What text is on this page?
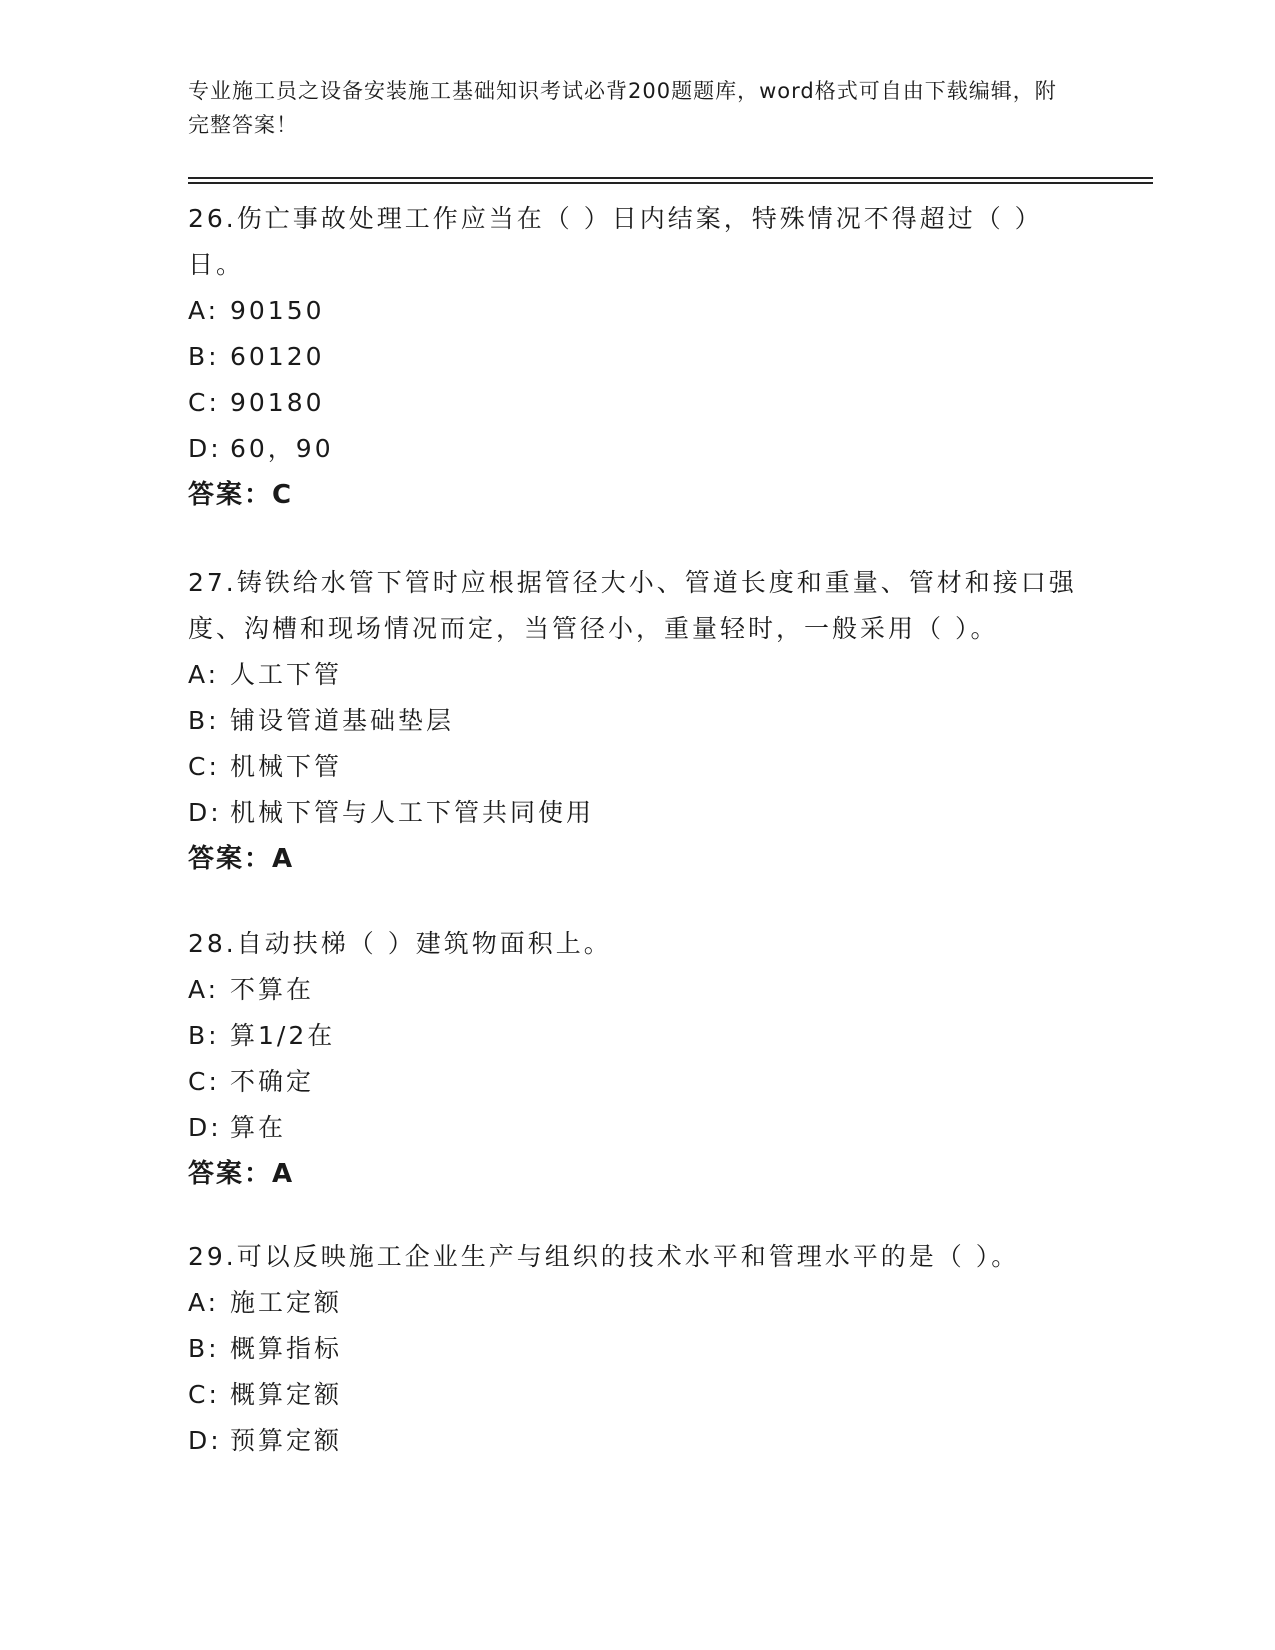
专业施工员之设备安装施工基础知识考试必背200题题库，word格式可自由下载编辑，附完整答案！

26.伤亡事故处理工作应当在（ ）日内结案，特殊情况不得超过（ ）日。

A: 90150

B: 60120

C: 90180

D: 60，90

答案：C

27.铸铁给水管下管时应根据管径大小、管道长度和重量、管材和接口强度、沟槽和现场情况而定，当管径小，重量轻时，一般采用（ ）。

A: 人工下管

B: 铺设管道基础垫层

C: 机械下管

D: 机械下管与人工下管共同使用

答案：A

28.自动扶梯（ ）建筑物面积上。

A: 不算在

B: 算1/2在

C: 不确定

D: 算在

答案：A

29.可以反映施工企业生产与组织的技术水平和管理水平的是（ ）。

A: 施工定额

B: 概算指标

C: 概算定额

D: 预算定额
